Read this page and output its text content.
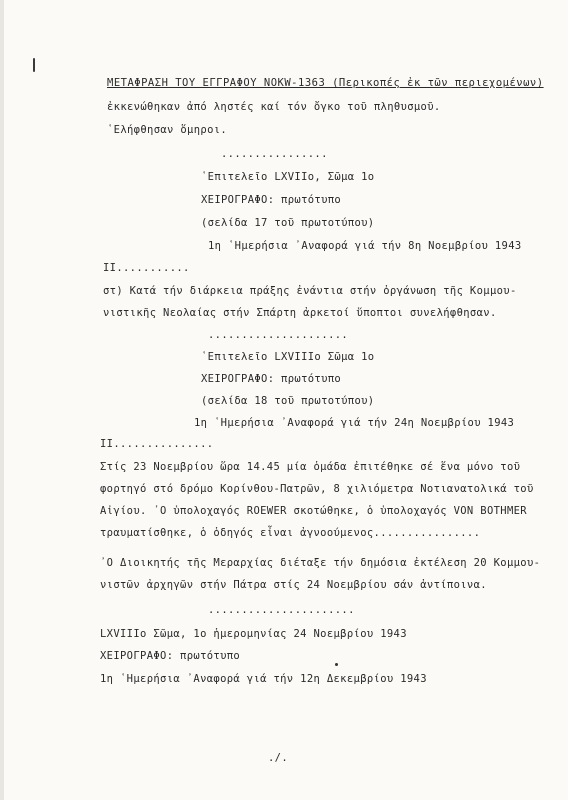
ΜΕΤΑΦΡΑΣΗ ΤΟΥ ΕΓΓΡΑΦΟΥ NOKW-1363 (Περικοπές ἐκ τῶν περιεχομένων)
ἐκκενώθηκαν ἀπό ληστές καί τόν ὄγκο τοῦ πληθυσμοῦ.
῾Ελήφθησαν ὅμηροι.
................
῾Επιτελεῖο LXVIIο, Σῶμα 1ο
ΧΕΙΡΟΓΡΑΦΟ: πρωτότυπο
(σελίδα 17 τοῦ πρωτοτύπου)
1η ῾Ημερήσια ᾿Αναφορά γιά τήν 8η Νοεμβρίου 1943
II...........
στ) Κατά τήν διάρκεια πράξης ἐνάντια στήν ὀργάνωση τῆς Κομμου-
νιστικῆς Νεολαίας στήν Σπάρτη ἀρκετοί ὕποπτοι συνελήφθησαν.
.....................
῾Επιτελεῖο LXVIIIο Σῶμα 1ο
ΧΕΙΡΟΓΡΑΦΟ: πρωτότυπο
(σελίδα 18 τοῦ πρωτοτύπου)
1η ῾Ημερήσια ᾿Αναφορά γιά τήν 24η Νοεμβρίου 1943
II...............
Στίς 23 Νοεμβρίου ὥρα 14.45 μία ὁμάδα ἐπιτέθηκε σέ ἕνα μόνο τοῦ
φορτηγό στό δρόμο Κορίνθου-Πατρῶν, 8 χιλιόμετρα Νοτιανατολικά τοῦ
Αἰγίου. ᾿Ο ὑπολοχαγός ROEWER σκοτώθηκε, ὁ ὑπολοχαγός VON BOTHMER
τραυματίσθηκε, ὁ ὁδηγός εἶναι ἀγνοούμενος................
᾿Ο Διοικητής τῆς Μεραρχίας διέταξε τήν δημόσια ἐκτέλεση 20 Κομμου-
νιστῶν ἀρχηγῶν στήν Πάτρα στίς 24 Νοεμβρίου σάν ἀντίποινα.
......................
LXVIIIο Σῶμα, 1ο ἡμερομηνίας 24 Νοεμβρίου 1943
ΧΕΙΡΟΓΡΑΦΟ: πρωτότυπο
1η ῾Ημερήσια ᾿Αναφορά γιά τήν 12η Δεκεμβρίου 1943
./.
